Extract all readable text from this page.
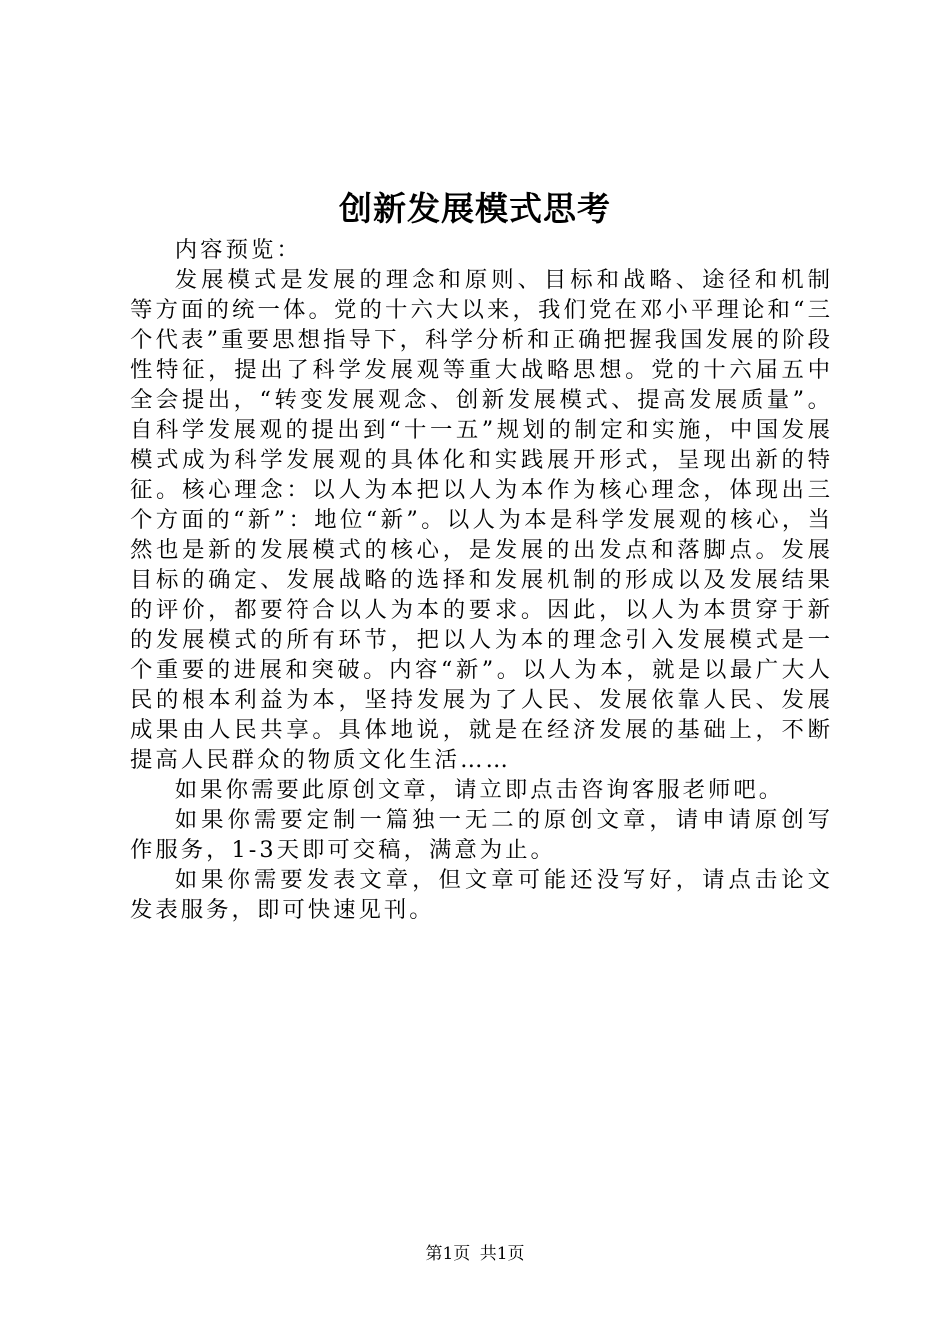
创新发展模式思考

内容预览：

发展模式是发展的理念和原则、目标和战略、途径和机制等方面的统一体。党的十六大以来，我们党在邓小平理论和“三个代表”重要思想指导下，科学分析和正确把握我国发展的阶段性特征，提出了科学发展观等重大战略思想。党的十六届五中全会提出，“转变发展观念、创新发展模式、提高发展质量”。自科学发展观的提出到“十一五”规划的制定和实施，中国发展模式成为科学发展观的具体化和实践展开形式，呈现出新的特征。核心理念：以人为本把以人为本作为核心理念，体现出三个方面的“新”：地位“新”。以人为本是科学发展观的核心，当然也是新的发展模式的核心，是发展的出发点和落脚点。发展目标的确定、发展战略的选择和发展机制的形成以及发展结果的评价，都要符合以人为本的要求。因此，以人为本贯穿于新的发展模式的所有环节，把以人为本的理念引入发展模式是一个重要的进展和突破。内容“新”。以人为本，就是以最广大人民的根本利益为本，坚持发展为了人民、发展依靠人民、发展成果由人民共享。具体地说，就是在经济发展的基础上，不断提高人民群众的物质文化生活……

如果你需要此原创文章，请立即点击咨询客服老师吧。

如果你需要定制一篇独一无二的原创文章，请申请原创写作服务，1-3天即可交稿，满意为止。

如果你需要发表文章，但文章可能还没写好，请点击论文发表服务，即可快速见刊。

第1页 共1页
